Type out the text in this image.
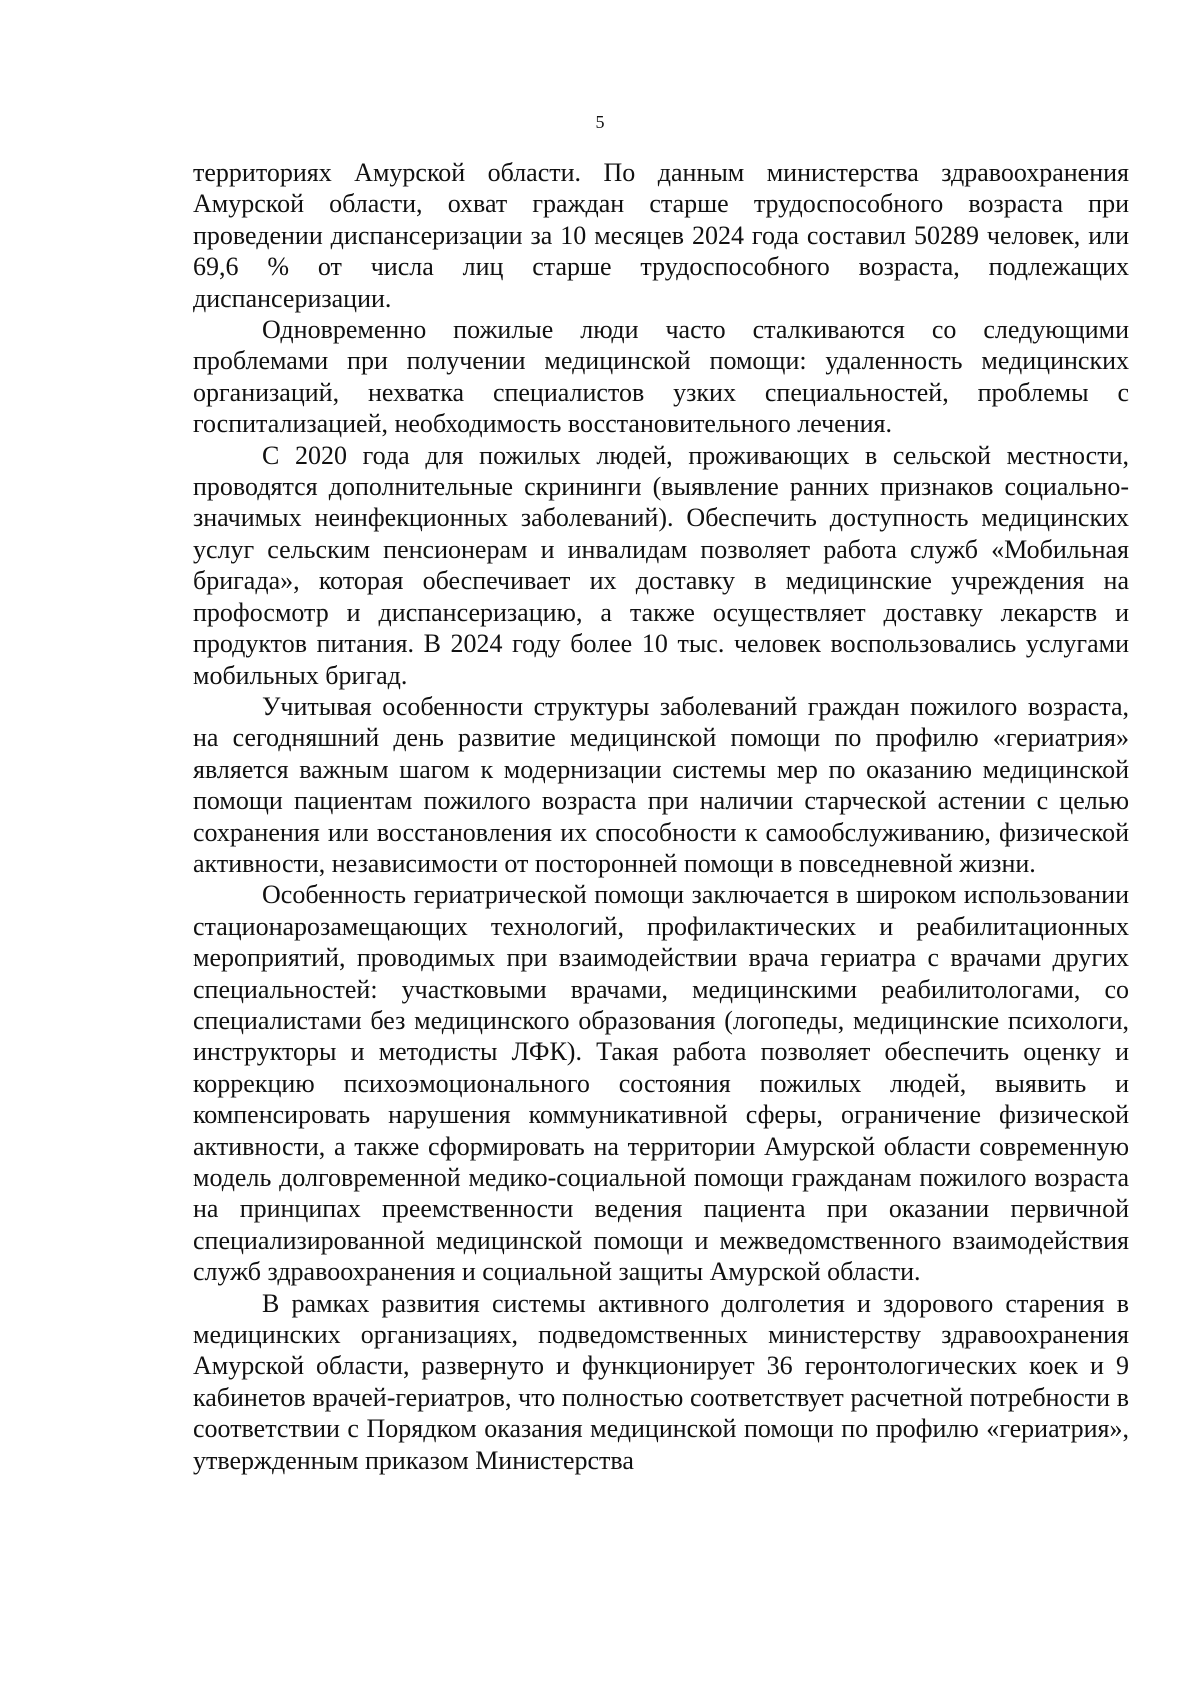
5

территориях Амурской области. По данным министерства здравоохранения Амурской области, охват граждан старше трудоспособного возраста при проведении диспансеризации за 10 месяцев 2024 года составил 50289 человек, или 69,6 % от числа лиц старше трудоспособного возраста, подлежащих диспансеризации.

Одновременно пожилые люди часто сталкиваются со следующими проблемами при получении медицинской помощи: удаленность медицинских организаций, нехватка специалистов узких специальностей, проблемы с госпитализацией, необходимость восстановительного лечения.

С 2020 года для пожилых людей, проживающих в сельской местности, проводятся дополнительные скрининги (выявление ранних признаков социально-значимых неинфекционных заболеваний). Обеспечить доступность медицинских услуг сельским пенсионерам и инвалидам позволяет работа служб «Мобильная бригада», которая обеспечивает их доставку в медицинские учреждения на профосмотр и диспансеризацию, а также осуществляет доставку лекарств и продуктов питания. В 2024 году более 10 тыс. человек воспользовались услугами мобильных бригад.

Учитывая особенности структуры заболеваний граждан пожилого возраста, на сегодняшний день развитие медицинской помощи по профилю «гериатрия» является важным шагом к модернизации системы мер по оказанию медицинской помощи пациентам пожилого возраста при наличии старческой астении с целью сохранения или восстановления их способности к самообслуживанию, физической активности, независимости от посторонней помощи в повседневной жизни.

Особенность гериатрической помощи заключается в широком использовании стационарозамещающих технологий, профилактических и реабилитационных мероприятий, проводимых при взаимодействии врача гериатра с врачами других специальностей: участковыми врачами, медицинскими реабилитологами, со специалистами без медицинского образования (логопеды, медицинские психологи, инструкторы и методисты ЛФК). Такая работа позволяет обеспечить оценку и коррекцию психоэмоционального состояния пожилых людей, выявить и компенсировать нарушения коммуникативной сферы, ограничение физической активности, а также сформировать на территории Амурской области современную модель долговременной медико-социальной помощи гражданам пожилого возраста на принципах преемственности ведения пациента при оказании первичной специализированной медицинской помощи и межведомственного взаимодействия служб здравоохранения и социальной защиты Амурской области.

В рамках развития системы активного долголетия и здорового старения в медицинских организациях, подведомственных министерству здравоохранения Амурской области, развернуто и функционирует 36 геронтологических коек и 9 кабинетов врачей-гериатров, что полностью соответствует расчетной потребности в соответствии с Порядком оказания медицинской помощи по профилю «гериатрия», утвержденным приказом Министерства
